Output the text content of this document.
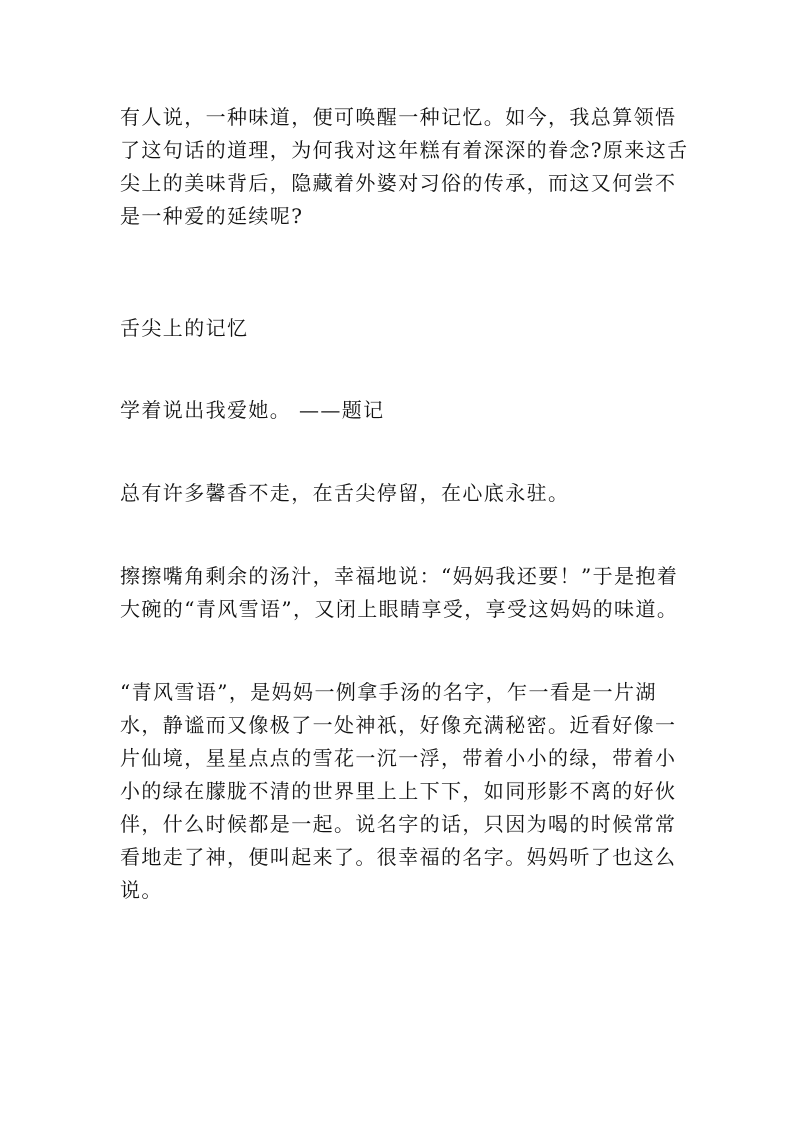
有人说，一种味道，便可唤醒一种记忆。如今，我总算领悟了这句话的道理，为何我对这年糕有着深深的眷念?原来这舌尖上的美味背后，隐藏着外婆对习俗的传承，而这又何尝不是一种爱的延续呢?

舌尖上的记忆

学着说出我爱她。 ——题记

总有许多馨香不走，在舌尖停留，在心底永驻。

擦擦嘴角剩余的汤汁，幸福地说：“妈妈我还要！”于是抱着大碗的“青风雪语”，又闭上眼睛享受，享受这妈妈的味道。

“青风雪语”，是妈妈一例拿手汤的名字，乍一看是一片湖水，静谧而又像极了一处神祇，好像充满秘密。近看好像一片仙境，星星点点的雪花一沉一浮，带着小小的绿，带着小小的绿在朦胧不清的世界里上上下下，如同形影不离的好伙伴，什么时候都是一起。说名字的话，只因为喝的时候常常看地走了神，便叫起来了。很幸福的名字。妈妈听了也这么说。
